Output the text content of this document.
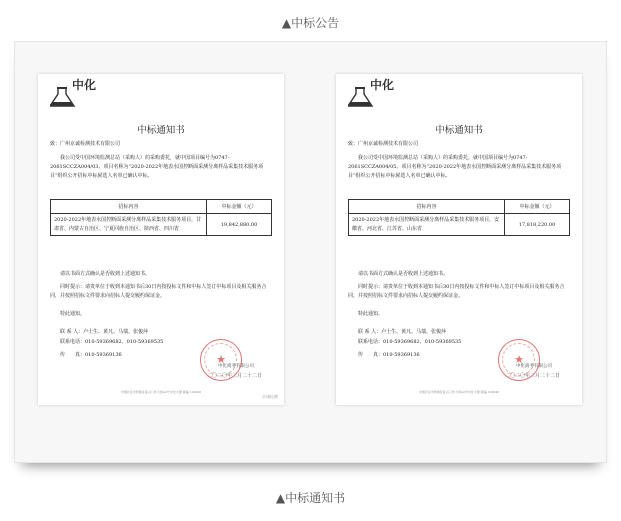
▲中标公告
中化
中标通知书
致：广州京诚检测技术有限公司
我公司受中国环境监测总站（采购人）的采购委托，就中国项目编号为0747-2061SCCZA004/03、项目名称为“2020-2022年地表水国控断面采测分离样品采集技术服务项目”组织公开招标中标候选人名单已确认中标。
招标内容	中标金额（元）
2020-2022年地表水国控断面采测分离样品采集技术服务项目，甘肃省、内蒙古自治区、宁夏回族自治区、陕西省、四川省	19,842,880.00
请以书面方式确认是否收到上述通知书。
同时提示：请贵单位于收到本通知书后30日内按投标文件和中标人签订中标项目及相关服务合同，并按照招标文件要求向招标人提交履约保证金。
特此通知。
联 系 人：卢士生、黄凡、马瑞、张俊萍
联系电话：010-59369682、010-59369535
传　　真：010-59369136	★
中化商务有限公司
二〇二〇年二月二十二日
中国北京市西城区复兴门外大街A2号中化大厦 邮编 100045
京诚检测
中化
中标通知书
致：广州京诚检测技术有限公司
我公司受中国环境监测总站（采购人）的采购委托，就中国项目编号为0747-2061SCCZA004/05、项目名称为“2020-2022年地表水国控断面采测分离样品采集技术服务项目”组织公开招标中标候选人名单已确认中标。
招标内容	中标金额（元）
2020-2022年地表水国控断面采测分离样品采集技术服务项目，安徽省、河北省、江苏省、山东省	17,818,220.00
请以书面方式确认是否收到上述通知书。
同时提示：请贵单位于收到本通知书后30日内按投标文件和中标人签订中标项目及相关服务合同，并按照招标文件要求向招标人提交履约保证金。
特此通知。
联 系 人：卢士生、黄凡、马瑞、张俊萍
联系电话：010-59369682、010-59369535
传　　真：010-59369136	★
中化商务有限公司
二〇二〇年二月二十二日
中国北京市西城区复兴门外大街A2号中化大厦 邮编 100045
▲中标通知书
